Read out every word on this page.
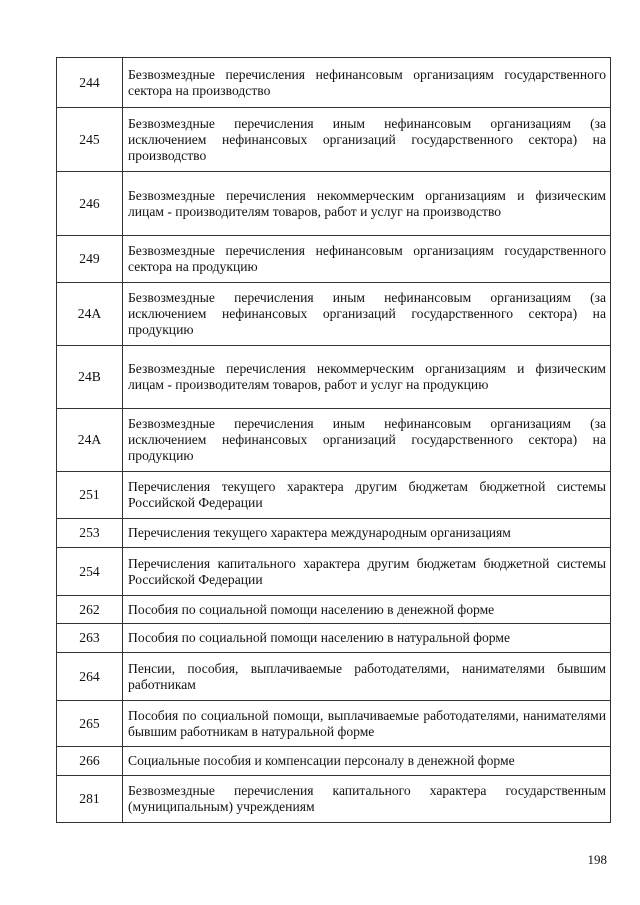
244	Безвозмездные перечисления нефинансовым организациям государственного сектора на производство
245	Безвозмездные перечисления иным нефинансовым организациям (за исключением нефинансовых организаций государственного сектора) на производство
246	Безвозмездные перечисления некоммерческим организациям и физическим лицам - производителям товаров, работ и услуг на производство
249	Безвозмездные перечисления нефинансовым организациям государственного сектора на продукцию
24А	Безвозмездные перечисления иным нефинансовым организациям (за исключением нефинансовых организаций государственного сектора) на продукцию
24В	Безвозмездные перечисления некоммерческим организациям и физическим лицам - производителям товаров, работ и услуг на продукцию
24А	Безвозмездные перечисления иным нефинансовым организациям (за исключением нефинансовых организаций государственного сектора) на продукцию
251	Перечисления текущего характера другим бюджетам бюджетной системы Российской Федерации
253	Перечисления текущего характера международным организациям
254	Перечисления капитального характера другим бюджетам бюджетной системы Российской Федерации
262	Пособия по социальной помощи населению в денежной форме
263	Пособия по социальной помощи населению в натуральной форме
264	Пенсии, пособия, выплачиваемые работодателями, нанимателями бывшим работникам
265	Пособия по социальной помощи, выплачиваемые работодателями, нанимателями бывшим работникам в натуральной форме
266	Социальные пособия и компенсации персоналу в денежной форме
281	Безвозмездные перечисления капитального характера государственным (муниципальным) учреждениям
198
